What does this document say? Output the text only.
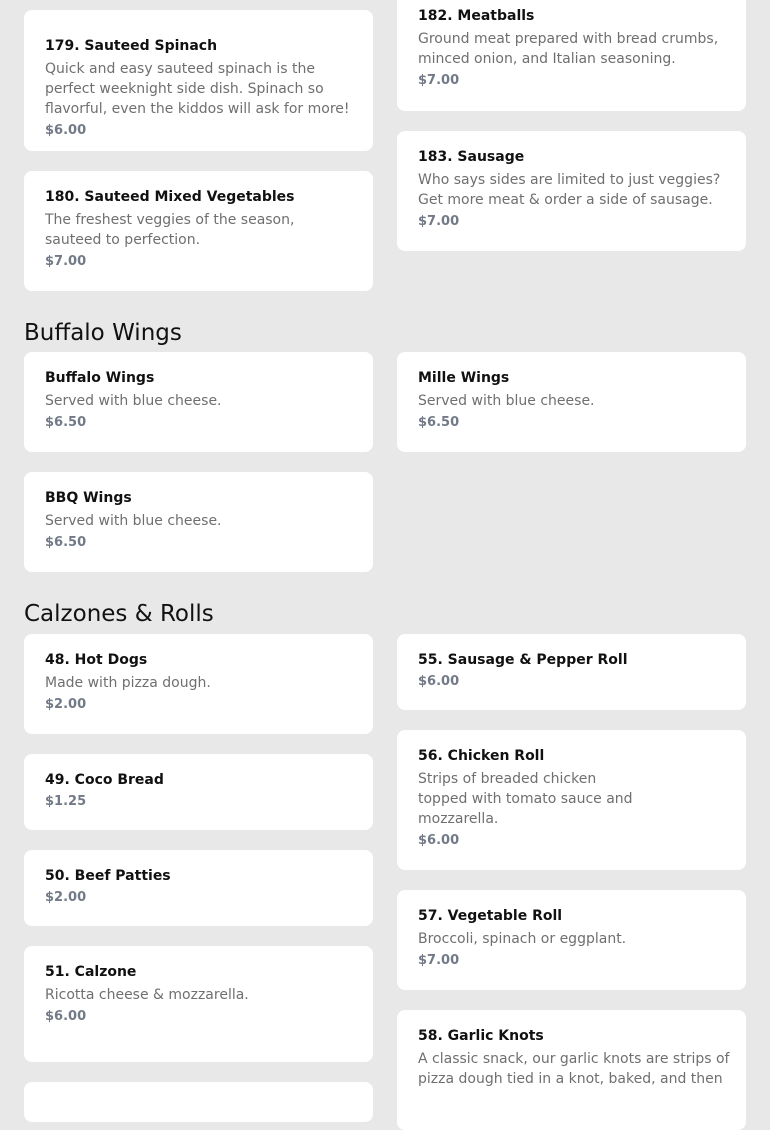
179. Sauteed Spinach
Quick and easy sauteed spinach is the perfect weeknight side dish. Spinach so flavorful, even the kiddos will ask for more!
$6.00
180. Sauteed Mixed Vegetables
The freshest veggies of the season, sauteed to perfection.
$7.00
182. Meatballs
Ground meat prepared with bread crumbs, minced onion, and Italian seasoning.
$7.00
183. Sausage
Who says sides are limited to just veggies? Get more meat & order a side of sausage.
$7.00
Buffalo Wings
Buffalo Wings
Served with blue cheese.
$6.50
Mille Wings
Served with blue cheese.
$6.50
BBQ Wings
Served with blue cheese.
$6.50
Calzones & Rolls
48. Hot Dogs
Made with pizza dough.
$2.00
49. Coco Bread
$1.25
50. Beef Patties
$2.00
51. Calzone
Ricotta cheese & mozzarella.
$6.00
55. Sausage & Pepper Roll
$6.00
56. Chicken Roll
Strips of breaded chicken topped with tomato sauce and mozzarella.
$6.00
57. Vegetable Roll
Broccoli, spinach or eggplant.
$7.00
58. Garlic Knots
A classic snack, our garlic knots are strips of pizza dough tied in a knot, baked, and then
